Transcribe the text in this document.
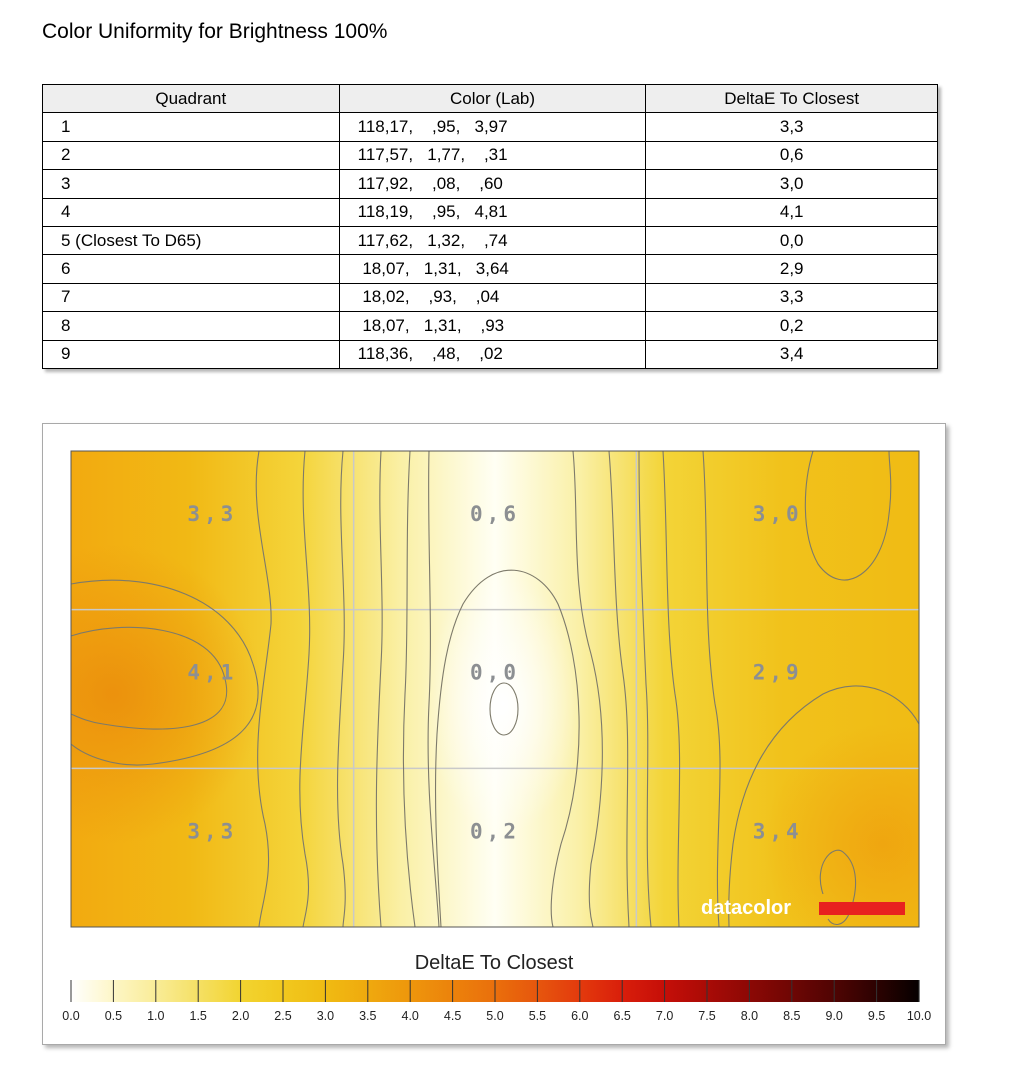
Color Uniformity for Brightness 100%
Quadrant	Color (Lab)	DeltaE To Closest
1	118,17,    ,95,   3,97	3,3
2	117,57,   1,77,    ,31	0,6
3	117,92,    ,08,    ,60	3,0
4	118,19,    ,95,   4,81	4,1
5 (Closest To D65)	117,62,   1,32,    ,74	0,0
6	18,07,   1,31,   3,64	2,9
7	18,02,    ,93,    ,04	3,3
8	18,07,   1,31,    ,93	0,2
9	118,36,    ,48,    ,02	3,4
3,3	0,6	3,0
4,1	0,0	2,9
3,3	0,2	3,4
datacolor
DeltaE To Closest
0.0 0.5 1.0 1.5 2.0 2.5 3.0 3.5 4.0 4.5 5.0 5.5 6.0 6.5 7.0 7.5 8.0 8.5 9.0 9.5 10.0
